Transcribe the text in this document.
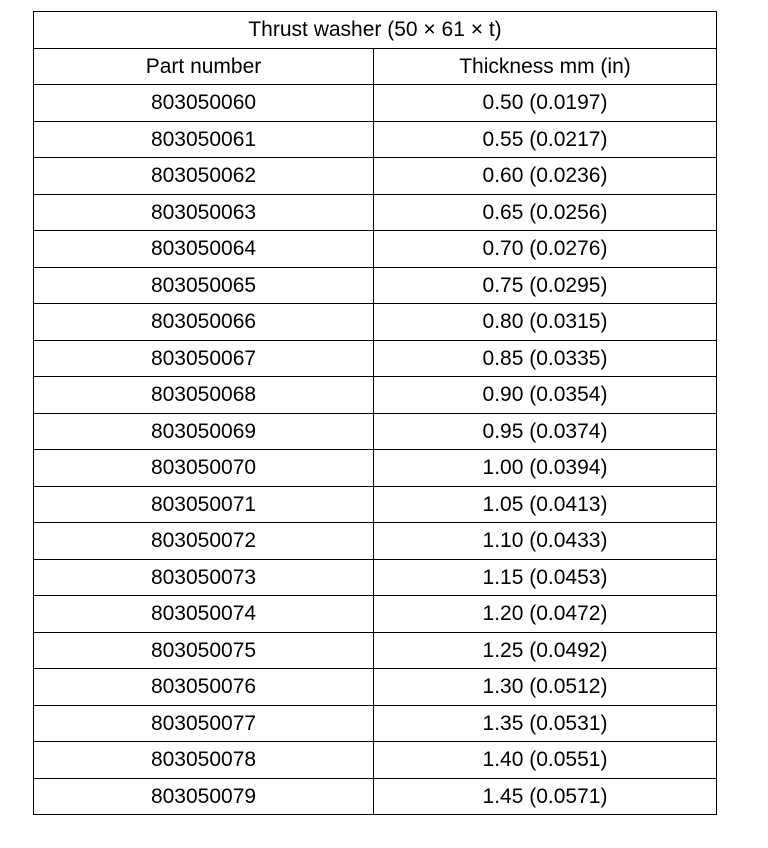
Thrust washer (50 × 61 × t)	
Part number	Thickness mm (in)
803050060	0.50 (0.0197)
803050061	0.55 (0.0217)
803050062	0.60 (0.0236)
803050063	0.65 (0.0256)
803050064	0.70 (0.0276)
803050065	0.75 (0.0295)
803050066	0.80 (0.0315)
803050067	0.85 (0.0335)
803050068	0.90 (0.0354)
803050069	0.95 (0.0374)
803050070	1.00 (0.0394)
803050071	1.05 (0.0413)
803050072	1.10 (0.0433)
803050073	1.15 (0.0453)
803050074	1.20 (0.0472)
803050075	1.25 (0.0492)
803050076	1.30 (0.0512)
803050077	1.35 (0.0531)
803050078	1.40 (0.0551)
803050079	1.45 (0.0571)
